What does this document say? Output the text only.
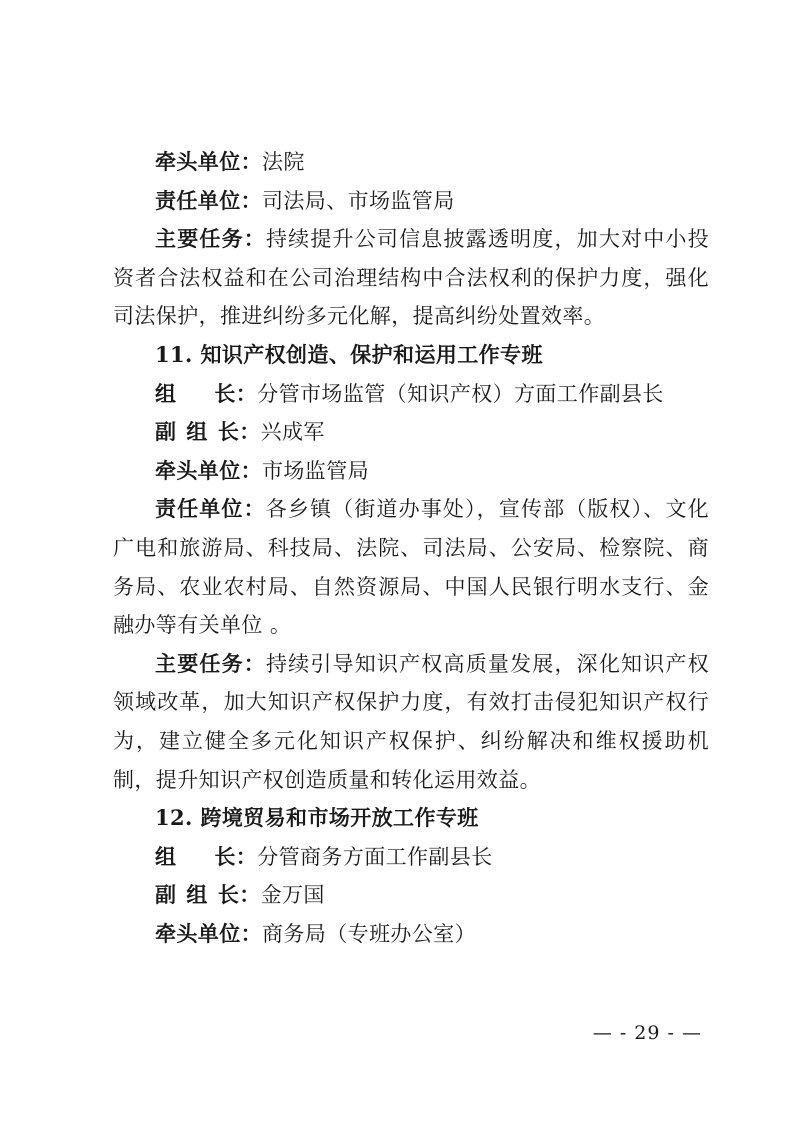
牵头单位：法院

责任单位：司法局、市场监管局

主要任务：持续提升公司信息披露透明度，加大对中小投资者合法权益和在公司治理结构中合法权利的保护力度，强化司法保护，推进纠纷多元化解，提高纠纷处置效率。

11. 知识产权创造、保护和运用工作专班

组 长：分管市场监管（知识产权）方面工作副县长

副 组 长：兴成军

牵头单位：市场监管局

责任单位：各乡镇（街道办事处），宣传部（版权）、文化广电和旅游局、科技局、法院、司法局、公安局、检察院、商务局、农业农村局、自然资源局、中国人民银行明水支行、金融办等有关单位 。

主要任务：持续引导知识产权高质量发展，深化知识产权领域改革，加大知识产权保护力度，有效打击侵犯知识产权行为，建立健全多元化知识产权保护、纠纷解决和维权援助机制，提升知识产权创造质量和转化运用效益。

12. 跨境贸易和市场开放工作专班

组 长：分管商务方面工作副县长

副 组 长：金万国

牵头单位：商务局（专班办公室）

— - 29 - —
